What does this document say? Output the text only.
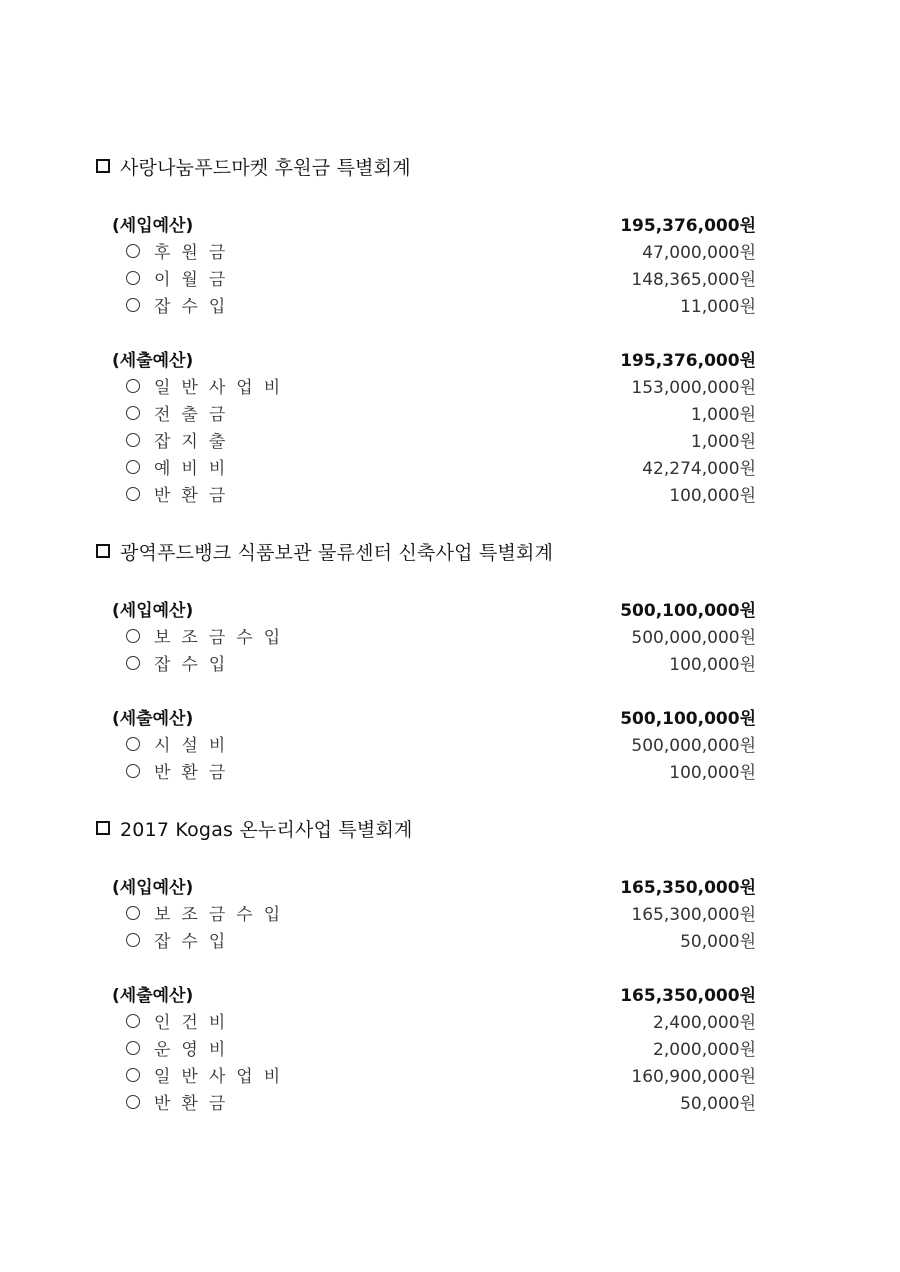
사랑나눔푸드마켓 후원금 특별회계
(세입예산)	195,376,000원
후원금	47,000,000원
이월금	148,365,000원
잡수입	11,000원
(세출예산)	195,376,000원
일반사업비	153,000,000원
전출금	1,000원
잡지출	1,000원
예비비	42,274,000원
반환금	100,000원
광역푸드뱅크 식품보관 물류센터 신축사업 특별회계
(세입예산)	500,100,000원
보조금수입	500,000,000원
잡수입	100,000원
(세출예산)	500,100,000원
시설비	500,000,000원
반환금	100,000원
2017 Kogas 온누리사업 특별회계
(세입예산)	165,350,000원
보조금수입	165,300,000원
잡수입	50,000원
(세출예산)	165,350,000원
인건비	2,400,000원
운영비	2,000,000원
일반사업비	160,900,000원
반환금	50,000원
